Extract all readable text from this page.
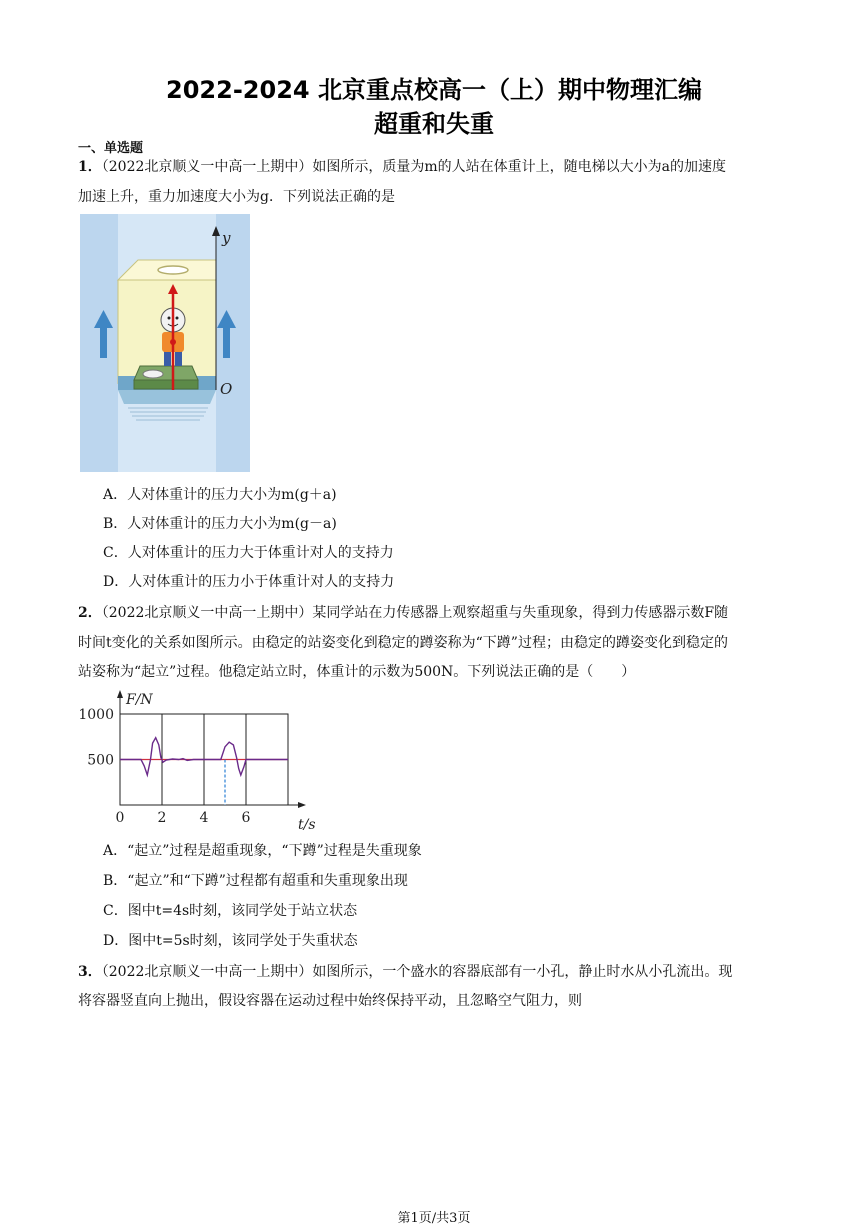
2022-2024 北京重点校高一（上）期中物理汇编
超重和失重
一、单选题
1．（2022北京顺义一中高一上期中）如图所示，质量为m的人站在体重计上，随电梯以大小为a的加速度
加速上升，重力加速度大小为g．下列说法正确的是
y
O
A．人对体重计的压力大小为m(g＋a)
B．人对体重计的压力大小为m(g－a)
C．人对体重计的压力大于体重计对人的支持力
D．人对体重计的压力小于体重计对人的支持力
2．（2022北京顺义一中高一上期中）某同学站在力传感器上观察超重与失重现象，得到力传感器示数F随
时间t变化的关系如图所示。由稳定的站姿变化到稳定的蹲姿称为“下蹲”过程；由稳定的蹲姿变化到稳定的
站姿称为“起立”过程。他稳定站立时，体重计的示数为500N。下列说法正确的是（　　）
F/N
t/s
1000
500
0 2 4 6
A．“起立”过程是超重现象，“下蹲”过程是失重现象
B．“起立”和“下蹲”过程都有超重和失重现象出现
C．图中t=4s时刻，该同学处于站立状态
D．图中t=5s时刻，该同学处于失重状态
3．（2022北京顺义一中高一上期中）如图所示，一个盛水的容器底部有一小孔，静止时水从小孔流出。现
将容器竖直向上抛出，假设容器在运动过程中始终保持平动，且忽略空气阻力，则
第1页/共3页
